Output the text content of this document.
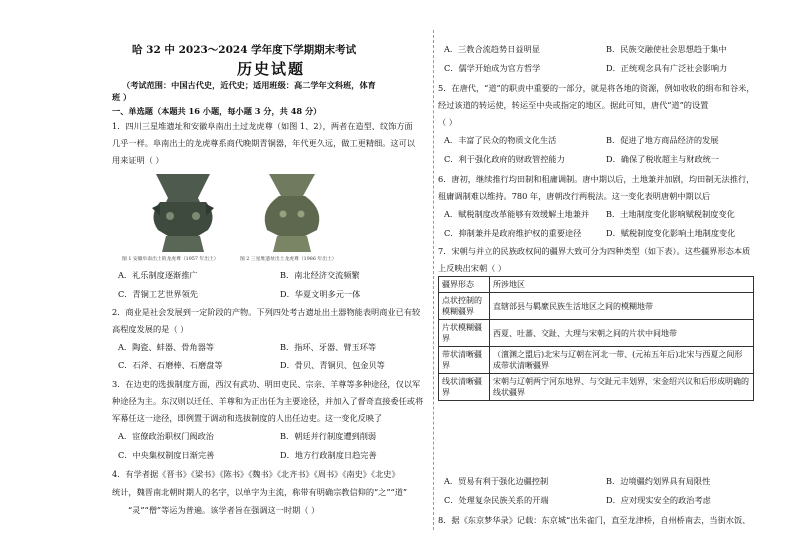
哈 32 中 2023～2024 学年度下学期期末考试
历史试题
（考试范围：中国古代史，近代史；适用班级：高二学年文科班，体育
班 ）
一、单选题（本题共 16 小题，每小题 3 分，共 48 分）
1．四川三星堆遗址和安徽阜南出土过龙虎尊（如图 1、2），两者在造型、纹饰方面
几乎一样。阜南出土的龙虎尊系商代晚期青铜器，年代更久远，做工更精细。这可以
用来证明（ ）
图 1 安徽阜南出土的龙虎尊（1957 年出土）	图 2 三星堆遗址出土龙虎尊（1986 年出土）
A．礼乐制度逐渐推广	B．南北经济交流频繁
C．青铜工艺世界领先	D．华夏文明多元一体
2．商业是社会发展到一定阶段的产物。下列四处考古遗址出土器物能表明商业已有较
高程度发展的是（ ）
A．陶瓷、蚌器、骨角器等	B．指环、牙器、臂玉环等
C．石斧、石磨棒、石磨盘等	D．骨贝、青铜贝、包金贝等
3．在边吏的选拔制度方面，西汉有武功、明田吏民、宗亲、羊尊等多种途径，仅以军
种途径为主。东汉则以迁任、羊尊和为正出任为主要途径，并加入了督奇直接委任或将
军幕任这一途径，即例置于调动和选拔制度的人出任边吏。这一变化反映了
A．宦僚政治职权门阀政治	B．朝廷并行制度遭到削弱
C．中央集权制度日渐完善	D．地方行政制度日趋完善
4．有学者据《晋书》《梁书》《陈书》《魏书》《北齐书》《周书》《南史》《北史》
统计，魏晋南北朝时期人的名字，以单字为主流，称带有明确宗教信仰的“之”“道”
“灵”“僧”等运为普遍。该学者旨在强调这一时期（ ）
A．三教合流趋势日益明显	B．民族交融使社会思想趋于集中
C．儒学开始成为官方哲学	D．正统观念具有广泛社会影响力
5．在唐代，“道”的职责中重要的一部分，就是将各地的资源，例如收收的绢布和谷米，
经过该道的转运使，转运至中央或指定的地区。据此可知，唐代“道”的设置
（ ）
A．丰富了民众的物质文化生活	B．促进了地方商品经济的发展
C．利于强化政府的财政管控能力	D．确保了税收超主与财政统一
6．唐初，继续推行均田制和租庸调制。唐中期以后，土地兼并加剧，均田制无法推行，
租庸调制难以维持。780 年，唐朝改行两税法。这一变化表明唐朝中期以后
A．赋税制度改革能够有效缓解土地兼并 B．土地制度变化影响赋税制度变化
C．抑制兼并是政府维护权的重要途径	D．赋税制度变化影响土地制度变化
7．宋朝与并立的民族政权间的疆界大致可分为四种类型（如下表）。这些疆界形态本质
上反映出宋朝（ ）
疆界形态	所涉地区
点状控制的模糊疆界	直辖部县与羁縻民族生活地区之间的模糊地带
片状模糊疆界	西夏、吐蕃、交趾、大理与宋朝之间的片状中间地带
带状清晰疆界	（澶渊之盟后)北宋与辽朝在河北一带、(元祐五年后)北宋与西夏之间形成带状清晰疆界
线状清晰疆界	宋朝与辽朝两宁河东地界、与交趾元丰划界，宋金绍兴议和后形成明确的线状疆界
A．贸易有利于强化边疆控制	B．边境疆约划界具有局限性
C．处理复杂民族关系的开端	D．应对现实安全的政治考虑
8．据《东京梦华录》记载：东京城“出朱雀门，直至龙津桥，自州桥南去，当街水饭、
